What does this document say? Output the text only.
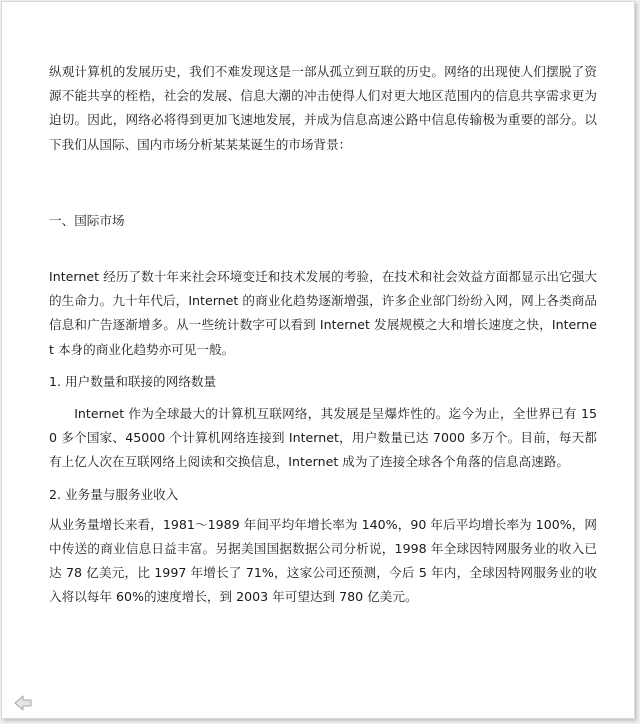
纵观计算机的发展历史，我们不难发现这是一部从孤立到互联的历史。网络的出现使人们摆脱了资源不能共享的桎梏，社会的发展、信息大潮的冲击使得人们对更大地区范围内的信息共享需求更为迫切。因此，网络必将得到更加飞速地发展，并成为信息高速公路中信息传输极为重要的部分。以下我们从国际、国内市场分析某某某诞生的市场背景：

一、国际市场

Internet 经历了数十年来社会环境变迁和技术发展的考验，在技术和社会效益方面都显示出它强大的生命力。九十年代后，Internet 的商业化趋势逐渐增强，许多企业部门纷纷入网，网上各类商品信息和广告逐渐增多。从一些统计数字可以看到 Internet 发展规模之大和增长速度之快，Internet 本身的商业化趋势亦可见一般。

1. 用户数量和联接的网络数量

Internet 作为全球最大的计算机互联网络，其发展是呈爆炸性的。迄今为止，全世界已有 150 多个国家、45000 个计算机网络连接到 Internet，用户数量已达 7000 多万个。目前，每天都有上亿人次在互联网络上阅读和交换信息，Internet 成为了连接全球各个角落的信息高速路。

2. 业务量与服务业收入

从业务量增长来看，1981～1989 年间平均年增长率为 140%，90 年后平均增长率为 100%，网中传送的商业信息日益丰富。另据美国国据数据公司分析说，1998 年全球因特网服务业的收入已达 78 亿美元，比 1997 年增长了 71%，这家公司还预测，今后 5 年内，全球因特网服务业的收入将以每年 60%的速度增长，到 2003 年可望达到 780 亿美元。
